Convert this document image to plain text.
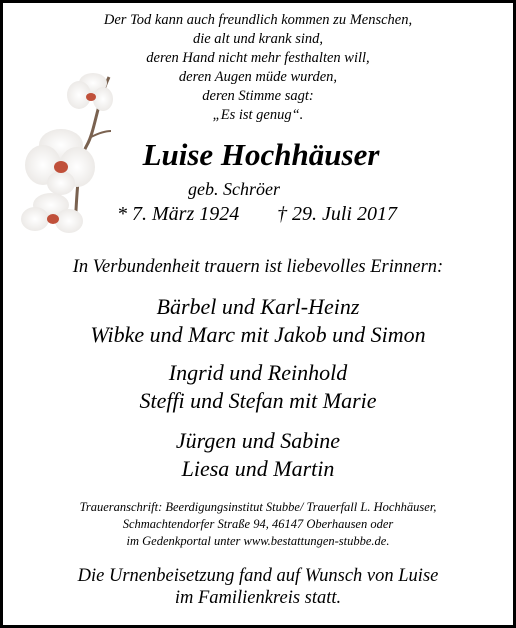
Der Tod kann auch freundlich kommen zu Menschen,
die alt und krank sind,
deren Hand nicht mehr festhalten will,
deren Augen müde wurden,
deren Stimme sagt:
„Es ist genug“.
Luise Hochhäuser
geb. Schröer
* 7. März 1924 † 29. Juli 2017
In Verbundenheit trauern ist liebevolles Erinnern:
Bärbel und Karl-Heinz
Wibke und Marc mit Jakob und Simon
Ingrid und Reinhold
Steffi und Stefan mit Marie
Jürgen und Sabine
Liesa und Martin
Traueranschrift: Beerdigungsinstitut Stubbe/ Trauerfall L. Hochhäuser,
Schmachtendorfer Straße 94, 46147 Oberhausen oder
im Gedenkportal unter www.bestattungen-stubbe.de.
Die Urnenbeisetzung fand auf Wunsch von Luise
im Familienkreis statt.
